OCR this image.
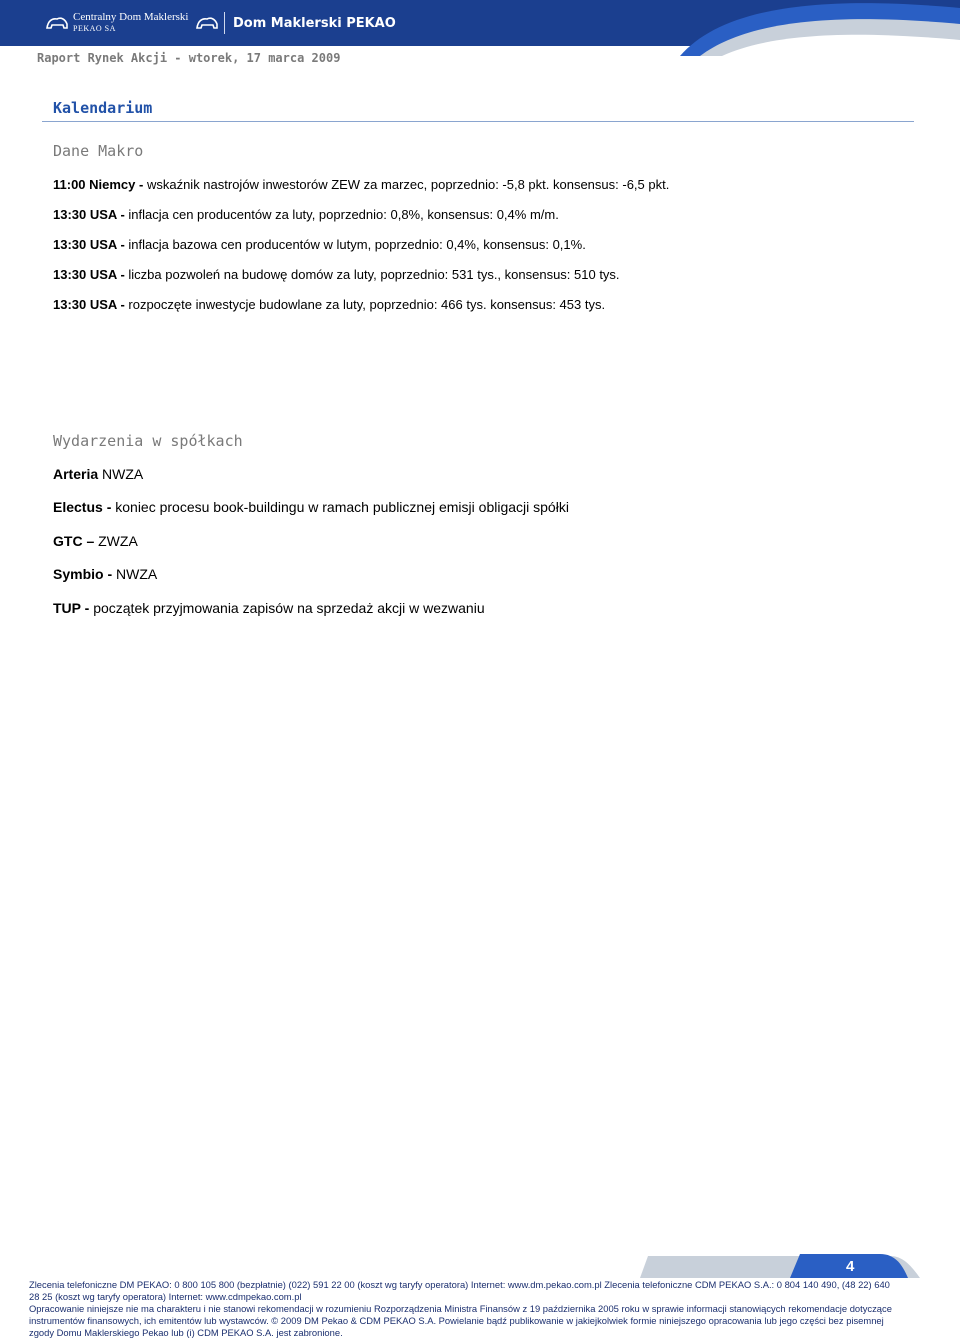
Centralny Dom Maklerski
PEKAO SA	Dom Maklerski PEKAO
Raport Rynek Akcji - wtorek, 17 marca 2009
Kalendarium
Dane Makro
11:00 Niemcy - wskaźnik nastrojów inwestorów ZEW za marzec, poprzednio: -5,8 pkt. konsensus: -6,5 pkt.
13:30 USA - inflacja cen producentów za luty, poprzednio: 0,8%, konsensus: 0,4% m/m.
13:30 USA - inflacja bazowa cen producentów w lutym, poprzednio: 0,4%, konsensus: 0,1%.
13:30 USA - liczba pozwoleń na budowę domów za luty, poprzednio: 531 tys., konsensus: 510 tys.
13:30 USA - rozpoczęte inwestycje budowlane za luty, poprzednio: 466 tys. konsensus: 453 tys.
Wydarzenia w spółkach
Arteria NWZA
Electus - koniec procesu book-buildingu w ramach publicznej emisji obligacji spółki
GTC – ZWZA
Symbio - NWZA
TUP - początek przyjmowania zapisów na sprzedaż akcji w wezwaniu
4
Zlecenia telefoniczne DM PEKAO: 0 800 105 800 (bezpłatnie) (022) 591 22 00 (koszt wg taryfy operatora) Internet: www.dm.pekao.com.pl Zlecenia telefoniczne CDM PEKAO S.A.: 0 804 140 490, (48 22) 640
28 25 (koszt wg taryfy operatora) Internet: www.cdmpekao.com.pl
Opracowanie niniejsze nie ma charakteru i nie stanowi rekomendacji w rozumieniu Rozporządzenia Ministra Finansów z 19 października 2005 roku w sprawie informacji stanowiących rekomendacje dotyczące
instrumentów finansowych, ich emitentów lub wystawców. © 2009 DM Pekao & CDM PEKAO S.A. Powielanie bądź publikowanie w jakiejkolwiek formie niniejszego opracowania lub jego części bez pisemnej
zgody Domu Maklerskiego Pekao lub (i) CDM PEKAO S.A. jest zabronione.
